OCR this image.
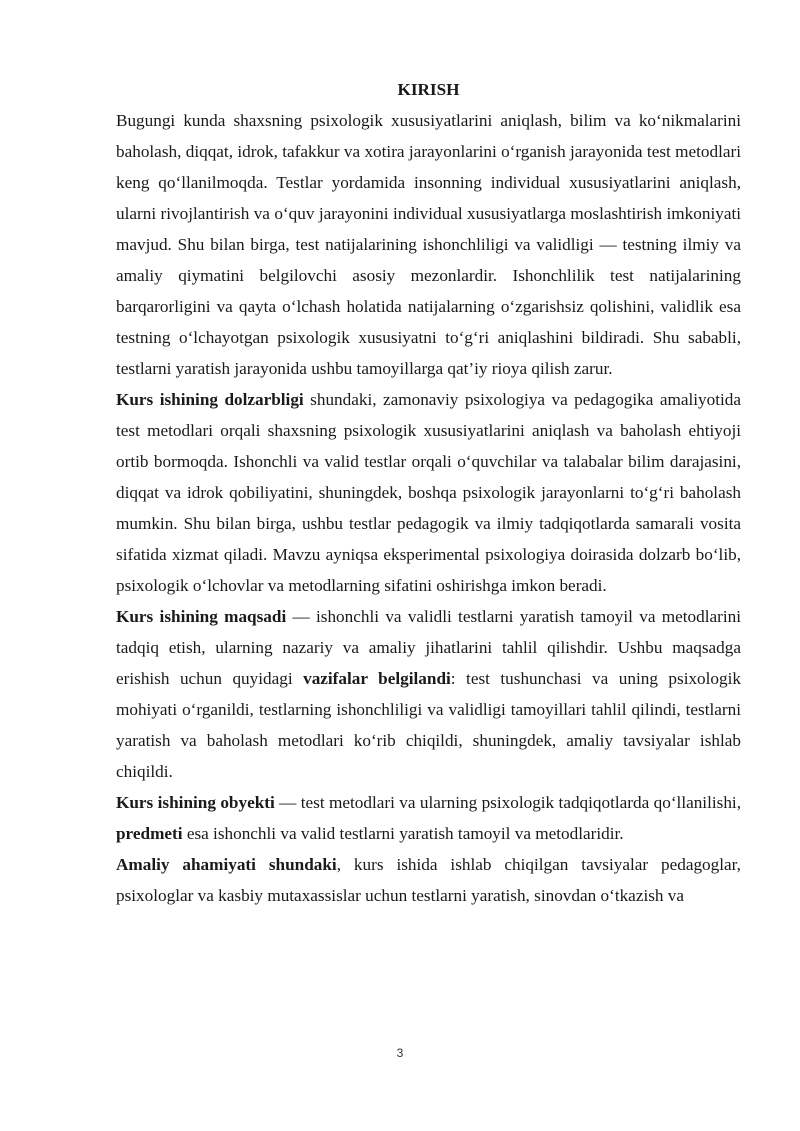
KIRISH

Bugungi kunda shaxsning psixologik xususiyatlarini aniqlash, bilim va ko‘nikmalarini baholash, diqqat, idrok, tafakkur va xotira jarayonlarini o‘rganish jarayonida test metodlari keng qo‘llanilmoqda. Testlar yordamida insonning individual xususiyatlarini aniqlash, ularni rivojlantirish va o‘quv jarayonini individual xususiyatlarga moslashtirish imkoniyati mavjud. Shu bilan birga, test natijalarining ishonchliligi va validligi — testning ilmiy va amaliy qiymatini belgilovchi asosiy mezonlardir. Ishonchlilik test natijalarining barqarorligini va qayta o‘lchash holatida natijalarning o‘zgarishsiz qolishini, validlik esa testning o‘lchayotgan psixologik xususiyatni to‘g‘ri aniqlashini bildiradi. Shu sababli, testlarni yaratish jarayonida ushbu tamoyillarga qat’iy rioya qilish zarur.

Kurs ishining dolzarbligi shundaki, zamonaviy psixologiya va pedagogika amaliyotida test metodlari orqali shaxsning psixologik xususiyatlarini aniqlash va baholash ehtiyoji ortib bormoqda. Ishonchli va valid testlar orqali o‘quvchilar va talabalar bilim darajasini, diqqat va idrok qobiliyatini, shuningdek, boshqa psixologik jarayonlarni to‘g‘ri baholash mumkin. Shu bilan birga, ushbu testlar pedagogik va ilmiy tadqiqotlarda samarali vosita sifatida xizmat qiladi. Mavzu ayniqsa eksperimental psixologiya doirasida dolzarb bo‘lib, psixologik o‘lchovlar va metodlarning sifatini oshirishga imkon beradi.

Kurs ishining maqsadi — ishonchli va validli testlarni yaratish tamoyil va metodlarini tadqiq etish, ularning nazariy va amaliy jihatlarini tahlil qilishdir. Ushbu maqsadga erishish uchun quyidagi vazifalar belgilandi: test tushunchasi va uning psixologik mohiyati o‘rganildi, testlarning ishonchliligi va validligi tamoyillari tahlil qilindi, testlarni yaratish va baholash metodlari ko‘rib chiqildi, shuningdek, amaliy tavsiyalar ishlab chiqildi.

Kurs ishining obyekti — test metodlari va ularning psixologik tadqiqotlarda qo‘llanilishi, predmeti esa ishonchli va valid testlarni yaratish tamoyil va metodlaridir.

Amaliy ahamiyati shundaki, kurs ishida ishlab chiqilgan tavsiyalar pedagoglar, psixologlar va kasbiy mutaxassislar uchun testlarni yaratish, sinovdan o‘tkazish va

3
